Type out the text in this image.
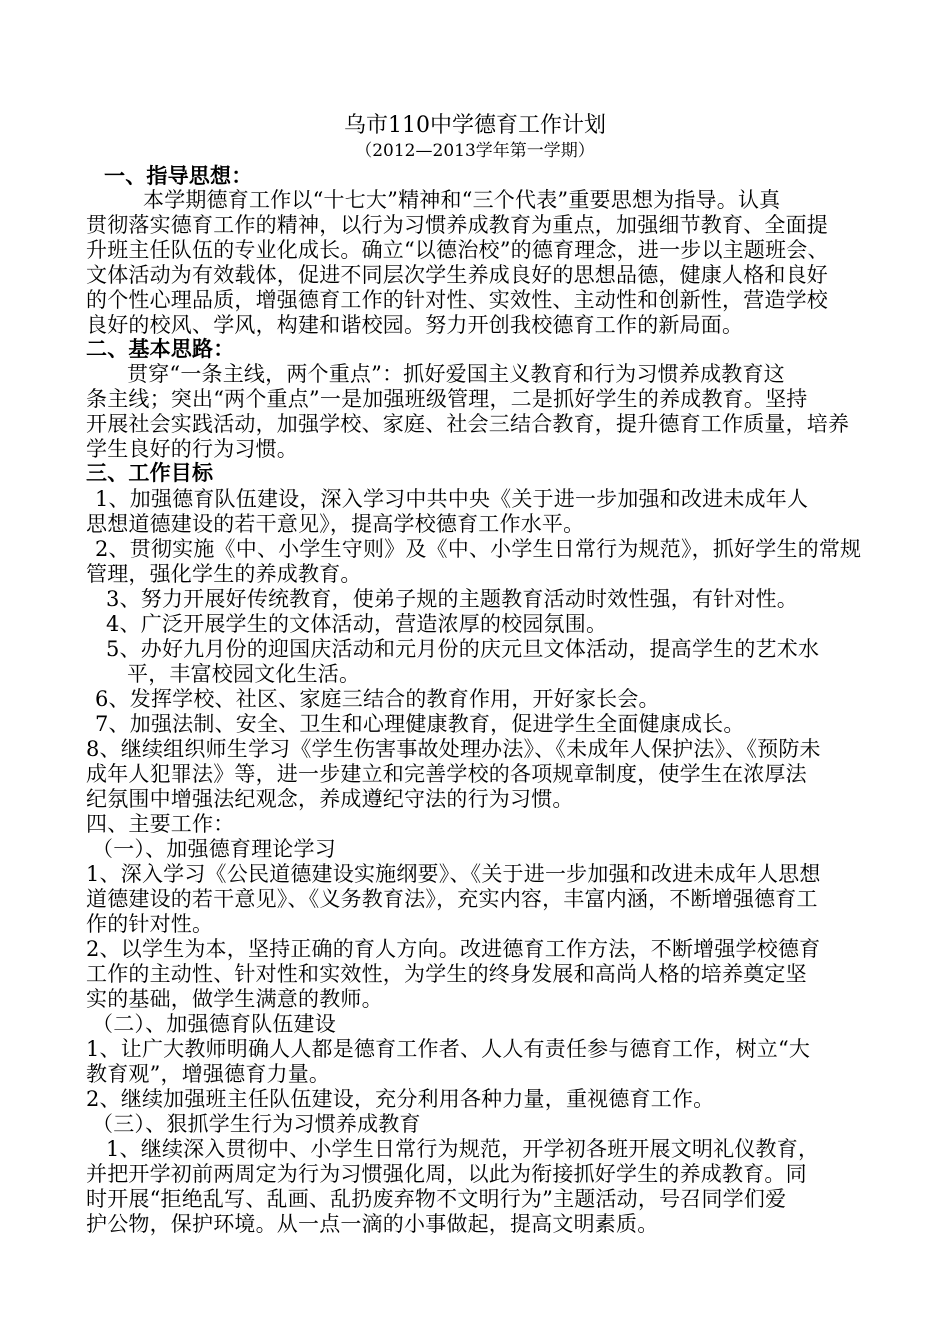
乌市110中学德育工作计划
（2012—2013学年第一学期）
一、指导思想：
本学期德育工作以“十七大”精神和“三个代表”重要思想为指导。认真
贯彻落实德育工作的精神，以行为习惯养成教育为重点，加强细节教育、全面提
升班主任队伍的专业化成长。确立“以德治校”的德育理念，进一步以主题班会、
文体活动为有效载体，促进不同层次学生养成良好的思想品德，健康人格和良好
的个性心理品质，增强德育工作的针对性、实效性、主动性和创新性，营造学校
良好的校风、学风，构建和谐校园。努力开创我校德育工作的新局面。
二、基本思路：
贯穿“一条主线，两个重点”：抓好爱国主义教育和行为习惯养成教育这
条主线；突出“两个重点”一是加强班级管理，二是抓好学生的养成教育。坚持
开展社会实践活动，加强学校、家庭、社会三结合教育，提升德育工作质量，培养
学生良好的行为习惯。
三、工作目标
1、加强德育队伍建设，深入学习中共中央《关于进一步加强和改进未成年人
思想道德建设的若干意见》，提高学校德育工作水平。
2、贯彻实施《中、小学生守则》及《中、小学生日常行为规范》，抓好学生的常规
管理，强化学生的养成教育。
3、努力开展好传统教育，使弟子规的主题教育活动时效性强，有针对性。
4、广泛开展学生的文体活动，营造浓厚的校园氛围。
5、办好九月份的迎国庆活动和元月份的庆元旦文体活动，提高学生的艺术水
平，丰富校园文化生活。
6、发挥学校、社区、家庭三结合的教育作用，开好家长会。
7、加强法制、安全、卫生和心理健康教育，促进学生全面健康成长。
8、继续组织师生学习《学生伤害事故处理办法》、《未成年人保护法》、《预防未
成年人犯罪法》等，进一步建立和完善学校的各项规章制度，使学生在浓厚法
纪氛围中增强法纪观念，养成遵纪守法的行为习惯。
四、主要工作：
（一）、加强德育理论学习
1、深入学习《公民道德建设实施纲要》、《关于进一步加强和改进未成年人思想
道德建设的若干意见》、《义务教育法》，充实内容，丰富内涵，不断增强德育工
作的针对性。
2、以学生为本，坚持正确的育人方向。改进德育工作方法，不断增强学校德育
工作的主动性、针对性和实效性，为学生的终身发展和高尚人格的培养奠定坚
实的基础，做学生满意的教师。
（二）、加强德育队伍建设
1、让广大教师明确人人都是德育工作者、人人有责任参与德育工作，树立“大
教育观”，增强德育力量。
2、继续加强班主任队伍建设，充分利用各种力量，重视德育工作。
（三）、狠抓学生行为习惯养成教育
1、继续深入贯彻中、小学生日常行为规范，开学初各班开展文明礼仪教育，
并把开学初前两周定为行为习惯强化周，以此为衔接抓好学生的养成教育。同
时开展“拒绝乱写、乱画、乱扔废弃物不文明行为”主题活动，号召同学们爱
护公物，保护环境。从一点一滴的小事做起，提高文明素质。
